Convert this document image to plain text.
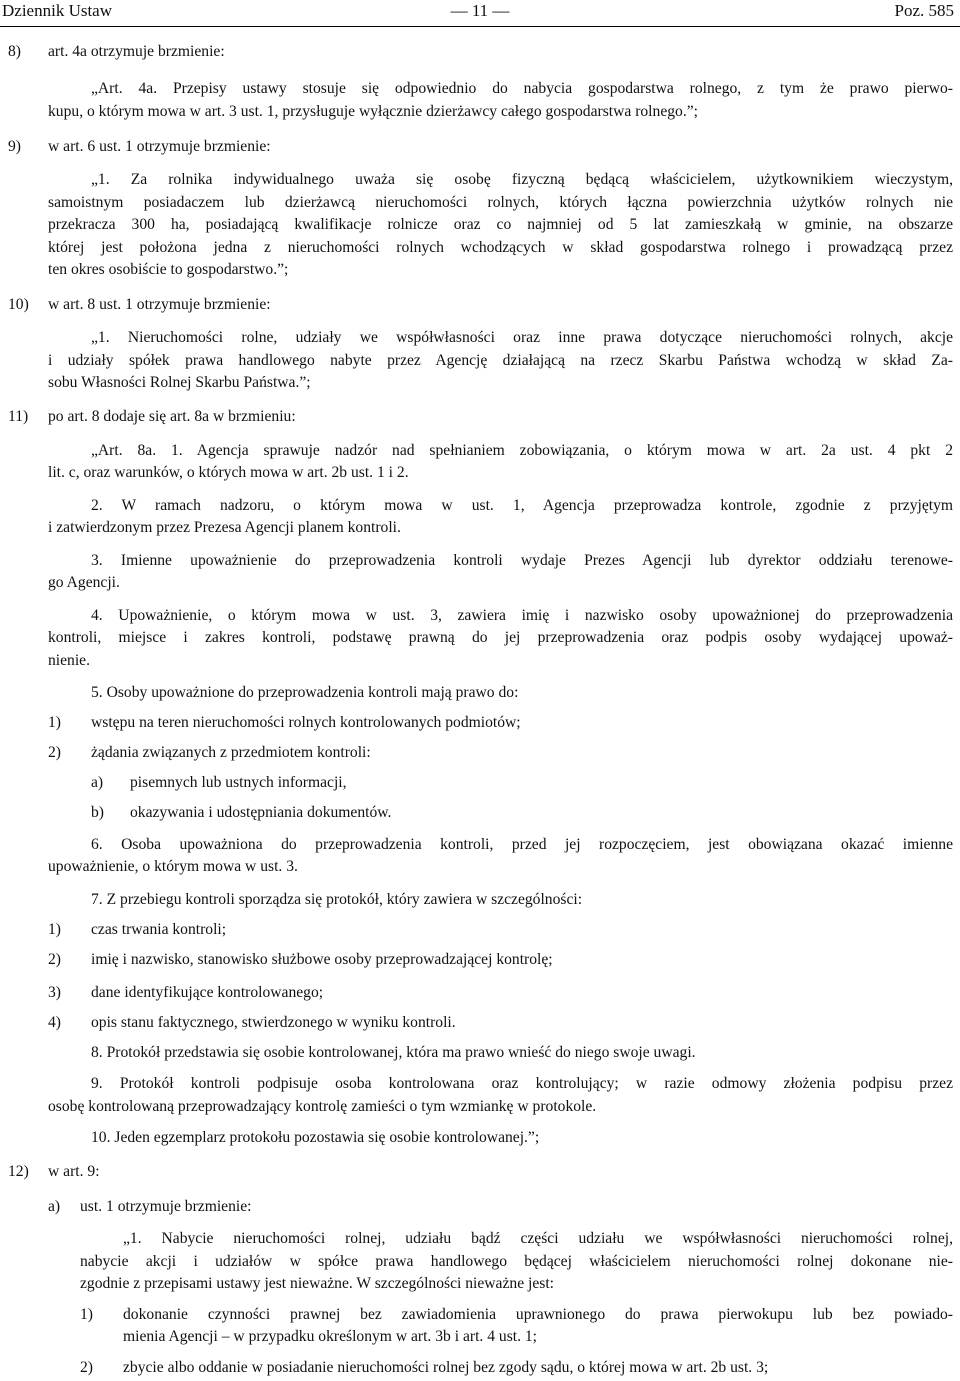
Dziennik Ustaw	— 11 —	Poz. 585
8) art. 4a otrzymuje brzmienie:
„Art. 4a. Przepisy ustawy stosuje się odpowiednio do nabycia gospodarstwa rolnego, z tym że prawo pierwo-
kupu, o którym mowa w art. 3 ust. 1, przysługuje wyłącznie dzierżawcy całego gospodarstwa rolnego.”;
9) w art. 6 ust. 1 otrzymuje brzmienie:
„1. Za rolnika indywidualnego uważa się osobę fizyczną będącą właścicielem, użytkownikiem wieczystym,
samoistnym posiadaczem lub dzierżawcą nieruchomości rolnych, których łączna powierzchnia użytków rolnych nie
przekracza 300 ha, posiadającą kwalifikacje rolnicze oraz co najmniej od 5 lat zamieszkałą w gminie, na obszarze
której jest położona jedna z nieruchomości rolnych wchodzących w skład gospodarstwa rolnego i prowadzącą przez
ten okres osobiście to gospodarstwo.”;
10) w art. 8 ust. 1 otrzymuje brzmienie:
„1. Nieruchomości rolne, udziały we współwłasności oraz inne prawa dotyczące nieruchomości rolnych, akcje
i udziały spółek prawa handlowego nabyte przez Agencję działającą na rzecz Skarbu Państwa wchodzą w skład Za-
sobu Własności Rolnej Skarbu Państwa.”;
11) po art. 8 dodaje się art. 8a w brzmieniu:
„Art. 8a. 1. Agencja sprawuje nadzór nad spełnianiem zobowiązania, o którym mowa w art. 2a ust. 4 pkt 2
lit. c, oraz warunków, o których mowa w art. 2b ust. 1 i 2.
2. W ramach nadzoru, o którym mowa w ust. 1, Agencja przeprowadza kontrole, zgodnie z przyjętym
i zatwierdzonym przez Prezesa Agencji planem kontroli.
3. Imienne upoważnienie do przeprowadzenia kontroli wydaje Prezes Agencji lub dyrektor oddziału terenowe-
go Agencji.
4. Upoważnienie, o którym mowa w ust. 3, zawiera imię i nazwisko osoby upoważnionej do przeprowadzenia
kontroli, miejsce i zakres kontroli, podstawę prawną do jej przeprowadzenia oraz podpis osoby wydającej upoważ-
nienie.
5. Osoby upoważnione do przeprowadzenia kontroli mają prawo do:
1) wstępu na teren nieruchomości rolnych kontrolowanych podmiotów;
2) żądania związanych z przedmiotem kontroli:
a) pisemnych lub ustnych informacji,
b) okazywania i udostępniania dokumentów.
6. Osoba upoważniona do przeprowadzenia kontroli, przed jej rozpoczęciem, jest obowiązana okazać imienne
upoważnienie, o którym mowa w ust. 3.
7. Z przebiegu kontroli sporządza się protokół, który zawiera w szczególności:
1) czas trwania kontroli;
2) imię i nazwisko, stanowisko służbowe osoby przeprowadzającej kontrolę;
3) dane identyfikujące kontrolowanego;
4) opis stanu faktycznego, stwierdzonego w wyniku kontroli.
8. Protokół przedstawia się osobie kontrolowanej, która ma prawo wnieść do niego swoje uwagi.
9. Protokół kontroli podpisuje osoba kontrolowana oraz kontrolujący; w razie odmowy złożenia podpisu przez
osobę kontrolowaną przeprowadzający kontrolę zamieści o tym wzmiankę w protokole.
10. Jeden egzemplarz protokołu pozostawia się osobie kontrolowanej.”;
12) w art. 9:
a) ust. 1 otrzymuje brzmienie:
„1. Nabycie nieruchomości rolnej, udziału bądź części udziału we współwłasności nieruchomości rolnej,
nabycie akcji i udziałów w spółce prawa handlowego będącej właścicielem nieruchomości rolnej dokonane nie-
zgodnie z przepisami ustawy jest nieważne. W szczególności nieważne jest:
1) dokonanie czynności prawnej bez zawiadomienia uprawnionego do prawa pierwokupu lub bez powiado-
mienia Agencji – w przypadku określonym w art. 3b i art. 4 ust. 1;
2) zbycie albo oddanie w posiadanie nieruchomości rolnej bez zgody sądu, o której mowa w art. 2b ust. 3;
